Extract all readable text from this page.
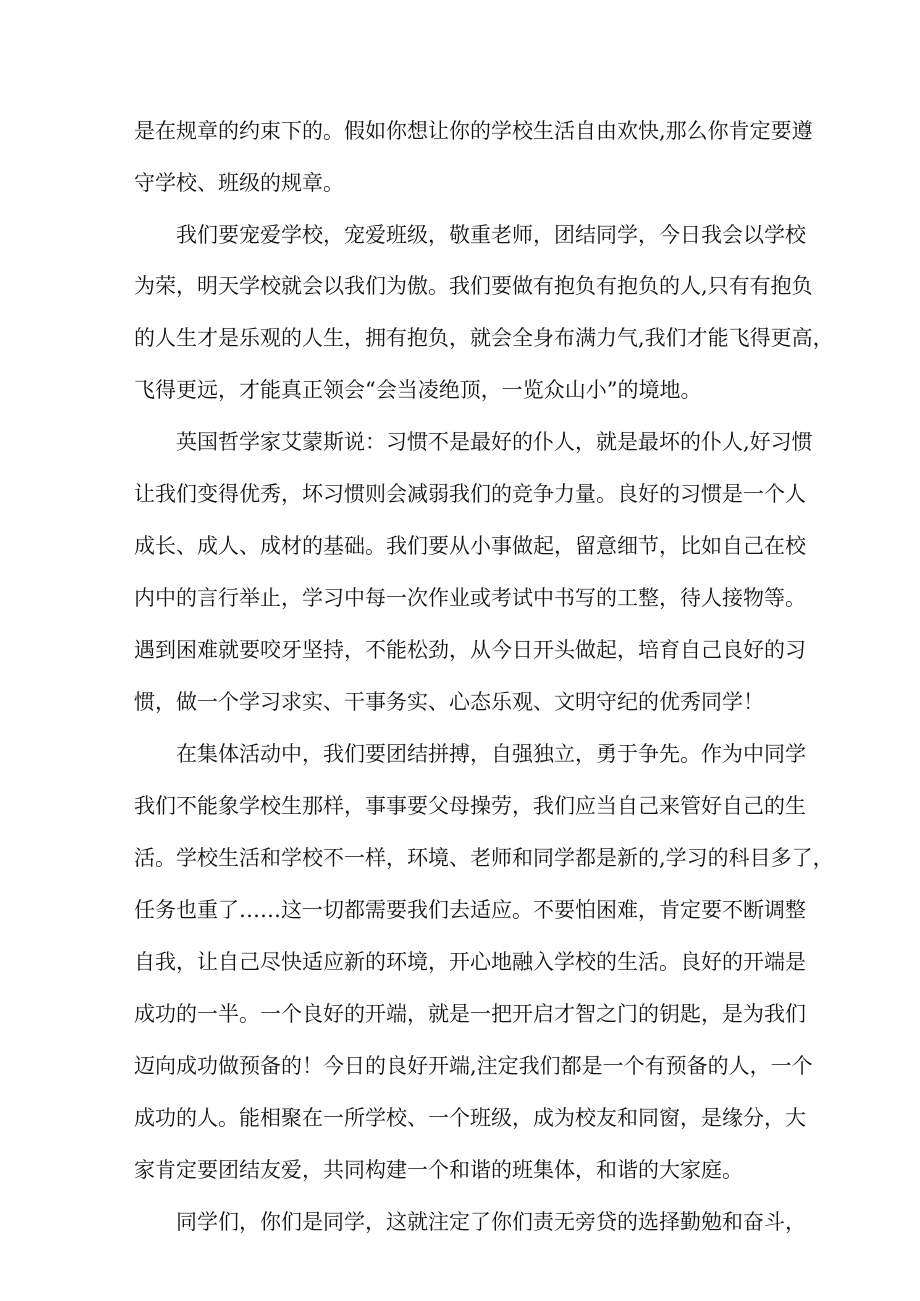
是在规章的约束下的。假如你想让你的学校生活自由欢快,那么你肯定要遵
守学校、班级的规章。
我们要宠爱学校，宠爱班级，敬重老师，团结同学，今日我会以学校
为荣，明天学校就会以我们为傲。我们要做有抱负有抱负的人,只有有抱负
的人生才是乐观的人生，拥有抱负，就会全身布满力气,我们才能飞得更高，
飞得更远，才能真正领会“会当凌绝顶，一览众山小”的境地。
英国哲学家艾蒙斯说：习惯不是最好的仆人，就是最坏的仆人,好习惯
让我们变得优秀，坏习惯则会减弱我们的竞争力量。良好的习惯是一个人
成长、成人、成材的基础。我们要从小事做起，留意细节，比如自己在校
内中的言行举止，学习中每一次作业或考试中书写的工整，待人接物等。
遇到困难就要咬牙坚持，不能松劲，从今日开头做起，培育自己良好的习
惯，做一个学习求实、干事务实、心态乐观、文明守纪的优秀同学！
在集体活动中，我们要团结拼搏，自强独立，勇于争先。作为中同学
我们不能象学校生那样，事事要父母操劳，我们应当自己来管好自己的生
活。学校生活和学校不一样，环境、老师和同学都是新的,学习的科目多了，
任务也重了……这一切都需要我们去适应。不要怕困难，肯定要不断调整
自我，让自己尽快适应新的环境，开心地融入学校的生活。良好的开端是
成功的一半。一个良好的开端，就是一把开启才智之门的钥匙，是为我们
迈向成功做预备的！今日的良好开端,注定我们都是一个有预备的人，一个
成功的人。能相聚在一所学校、一个班级，成为校友和同窗，是缘分，大
家肯定要团结友爱，共同构建一个和谐的班集体，和谐的大家庭。
同学们，你们是同学，这就注定了你们责无旁贷的选择勤勉和奋斗，
